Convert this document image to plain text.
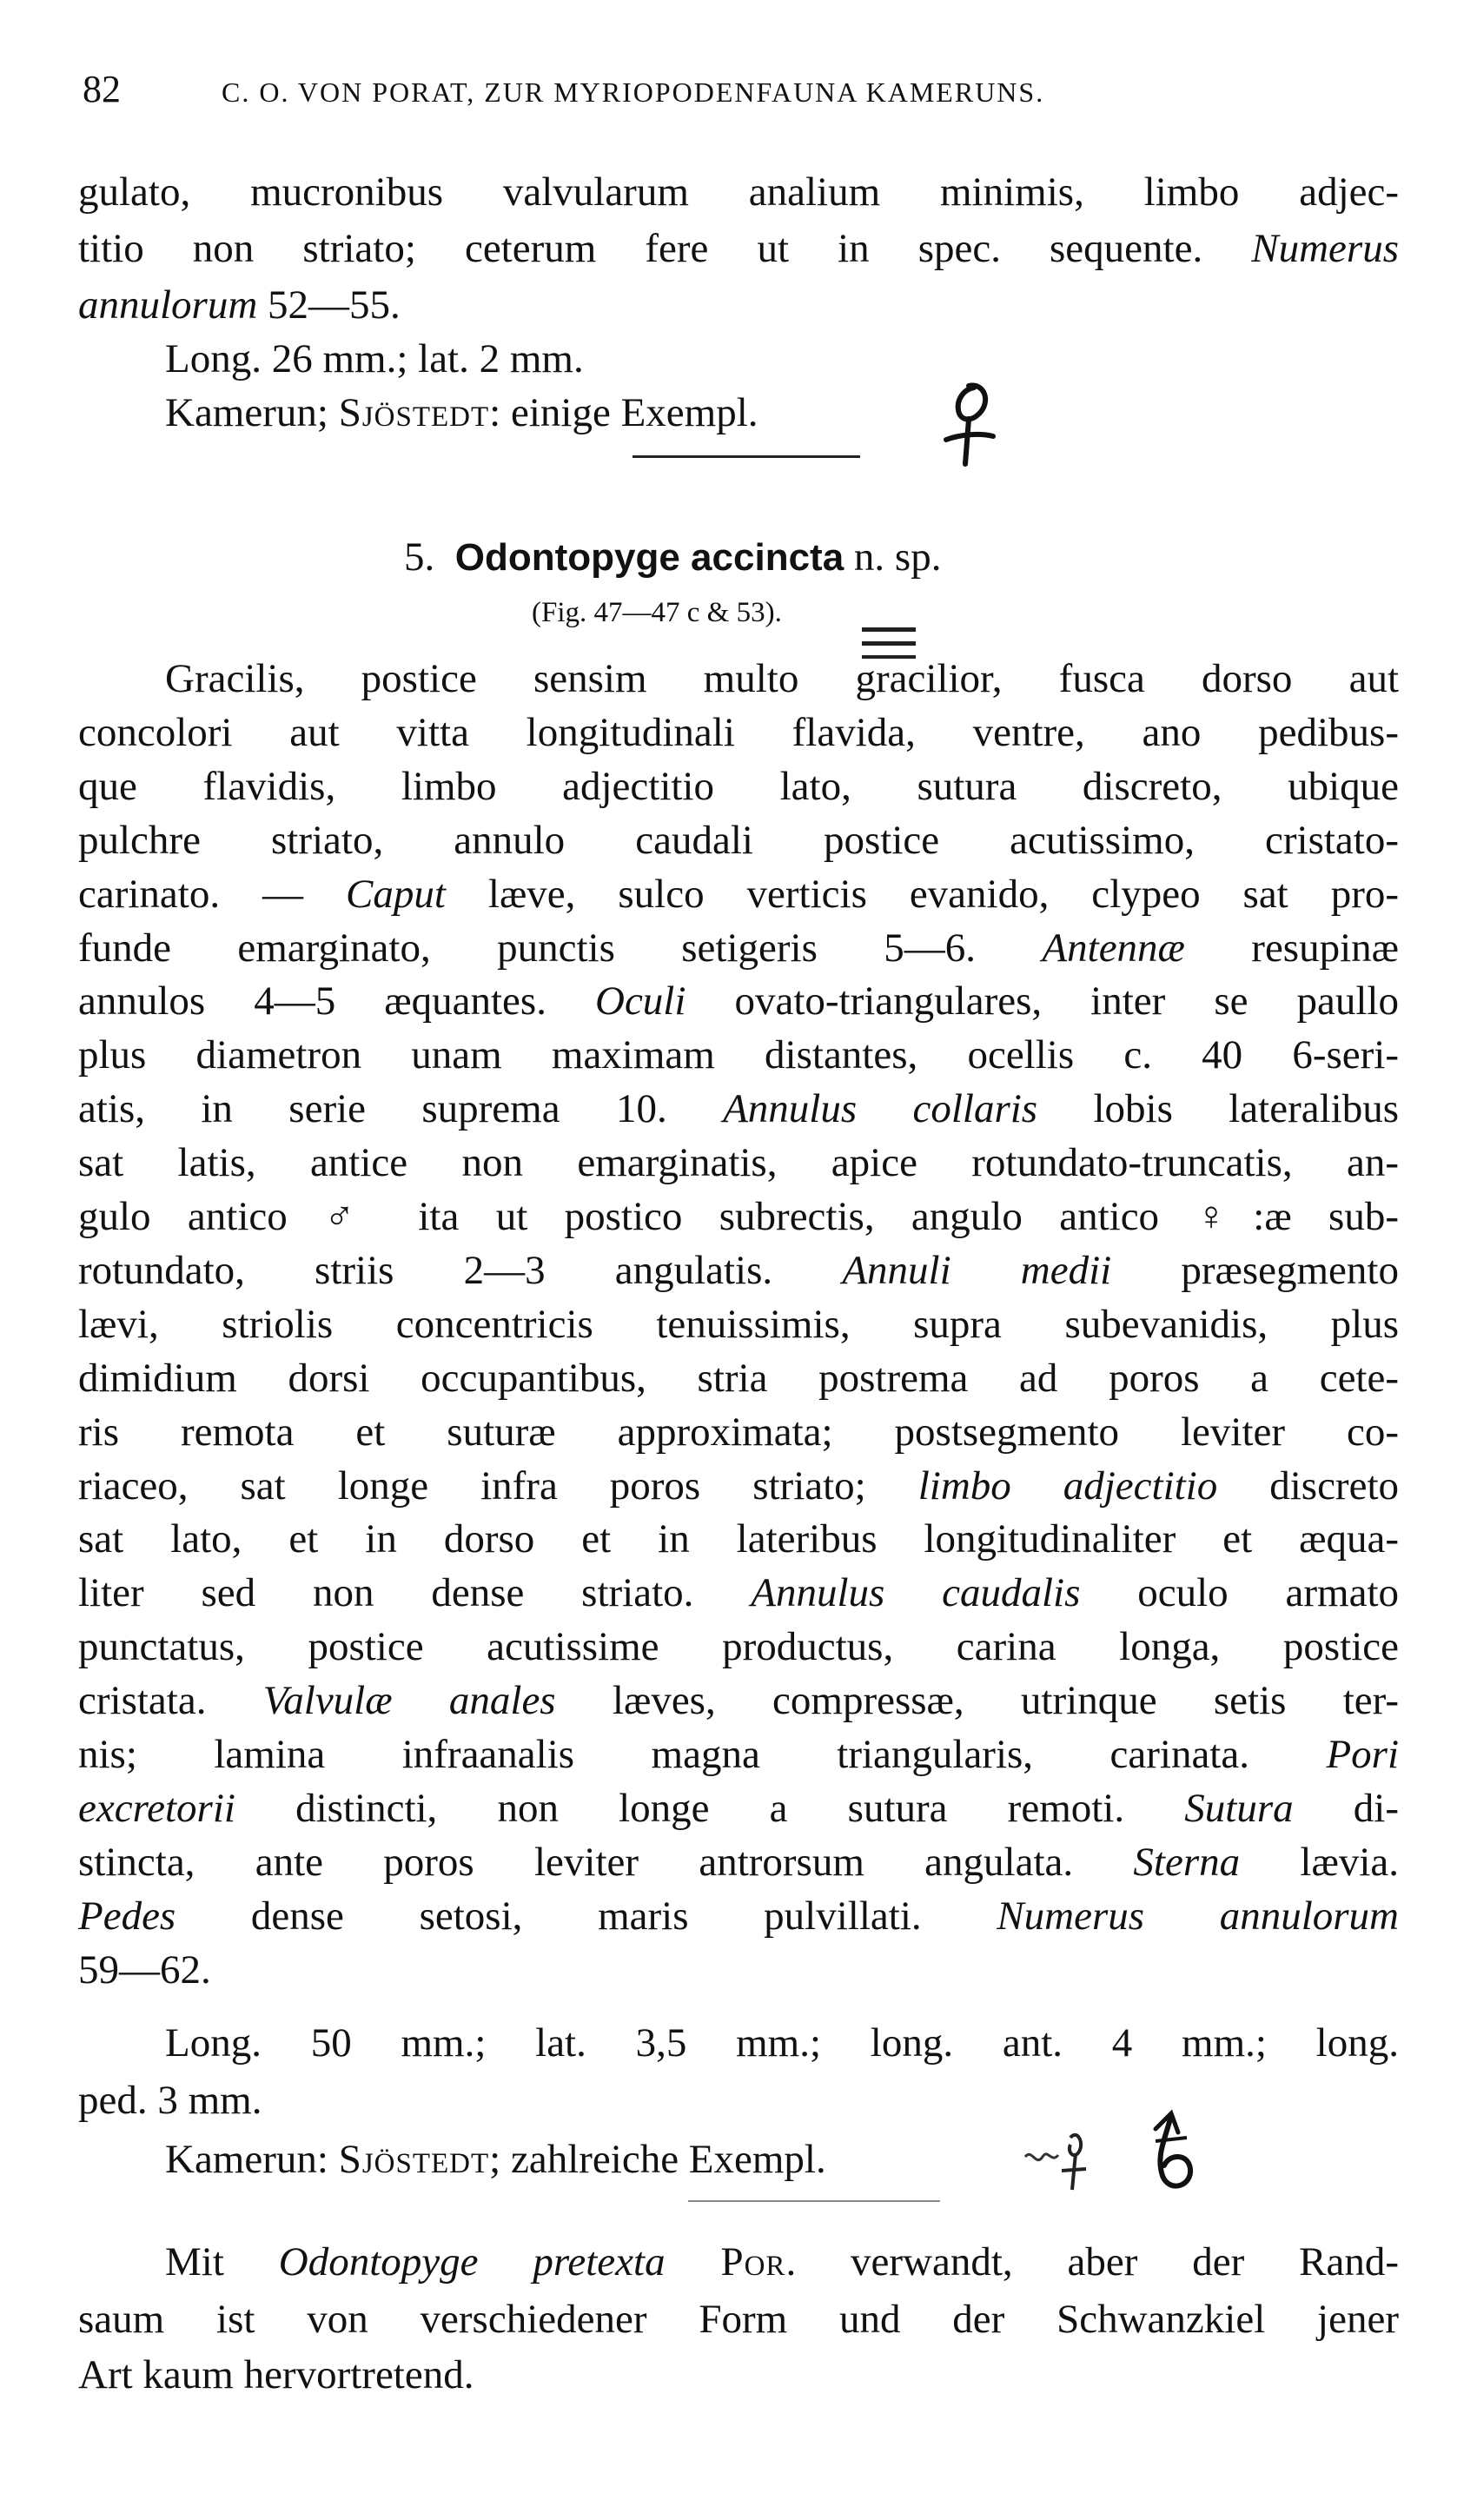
82	C. O. VON PORAT, ZUR MYRIOPODENFAUNA KAMERUNS.
gulato, mucronibus valvularum analium minimis, limbo adjec-
titio non striato; ceterum fere ut in spec. sequente. Numerus
annulorum 52—55.
Long. 26 mm.; lat. 2 mm.
Kamerun; Sjöstedt: einige Exempl.
5. Odontopyge accincta n. sp.
(Fig. 47—47 c & 53).
Gracilis, postice sensim multo gracilior, fusca dorso aut
concolori aut vitta longitudinali flavida, ventre, ano pedibus-
que flavidis, limbo adjectitio lato, sutura discreto, ubique
pulchre striato, annulo caudali postice acutissimo, cristato-
carinato. — Caput læve, sulco verticis evanido, clypeo sat pro-
funde emarginato, punctis setigeris 5—6. Antennæ resupinæ
annulos 4—5 æquantes. Oculi ovato-triangulares, inter se paullo
plus diametron unam maximam distantes, ocellis c. 40 6-seri-
atis, in serie suprema 10. Annulus collaris lobis lateralibus
sat latis, antice non emarginatis, apice rotundato-truncatis, an-
gulo antico ♂ ita ut postico subrectis, angulo antico ♀:æ sub-
rotundato, striis 2—3 angulatis. Annuli medii præsegmento
lævi, striolis concentricis tenuissimis, supra subevanidis, plus
dimidium dorsi occupantibus, stria postrema ad poros a cete-
ris remota et suturæ approximata; postsegmento leviter co-
riaceo, sat longe infra poros striato; limbo adjectitio discreto
sat lato, et in dorso et in lateribus longitudinaliter et æqua-
liter sed non dense striato. Annulus caudalis oculo armato
punctatus, postice acutissime productus, carina longa, postice
cristata. Valvulæ anales læves, compressæ, utrinque setis ter-
nis; lamina infraanalis magna triangularis, carinata. Pori
excretorii distincti, non longe a sutura remoti. Sutura di-
stincta, ante poros leviter antrorsum angulata. Sterna lævia.
Pedes dense setosi, maris pulvillati. Numerus annulorum
59—62.
Long. 50 mm.; lat. 3,5 mm.; long. ant. 4 mm.; long.
ped. 3 mm.
Kamerun: Sjöstedt; zahlreiche Exempl.
Mit Odontopyge pretexta Por. verwandt, aber der Rand-
saum ist von verschiedener Form und der Schwanzkiel jener
Art kaum hervortretend.
